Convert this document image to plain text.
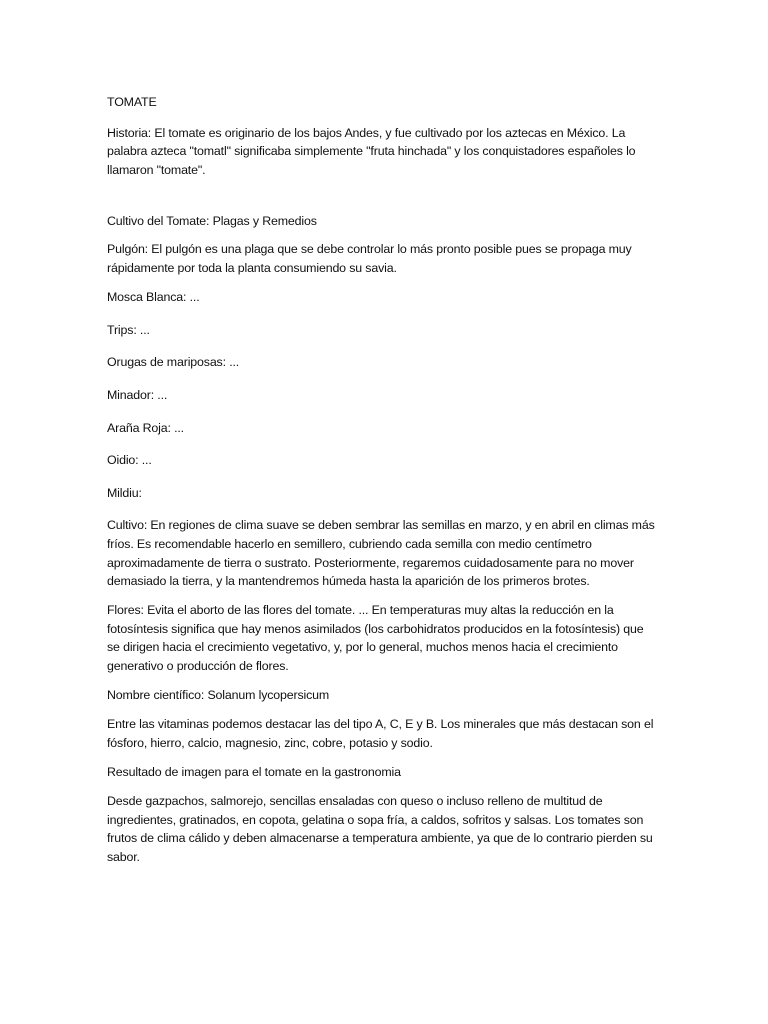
TOMATE

Historia: El tomate es originario de los bajos Andes, y fue cultivado por los aztecas en México. La palabra azteca "tomatl" significaba simplemente "fruta hinchada" y los conquistadores españoles lo llamaron "tomate".

Cultivo del Tomate: Plagas y Remedios

Pulgón: El pulgón es una plaga que se debe controlar lo más pronto posible pues se propaga muy rápidamente por toda la planta consumiendo su savia.

Mosca Blanca: ...

Trips: ...

Orugas de mariposas: ...

Minador: ...

Araña Roja: ...

Oidio: ...

Mildiu:

Cultivo: En regiones de clima suave se deben sembrar las semillas en marzo, y en abril en climas más fríos. Es recomendable hacerlo en semillero, cubriendo cada semilla con medio centímetro aproximadamente de tierra o sustrato. Posteriormente, regaremos cuidadosamente para no mover demasiado la tierra, y la mantendremos húmeda hasta la aparición de los primeros brotes.

Flores: Evita el aborto de las flores del tomate. ... En temperaturas muy altas la reducción en la fotosíntesis significa que hay menos asimilados (los carbohidratos producidos en la fotosíntesis) que se dirigen hacia el crecimiento vegetativo, y, por lo general, muchos menos hacia el crecimiento generativo o producción de flores.

Nombre científico: Solanum lycopersicum

Entre las vitaminas podemos destacar las del tipo A, C, E y B. Los minerales que más destacan son el fósforo, hierro, calcio, magnesio, zinc, cobre, potasio y sodio.

Resultado de imagen para el tomate en la gastronomia

Desde gazpachos, salmorejo, sencillas ensaladas con queso o incluso relleno de multitud de ingredientes, gratinados, en copota, gelatina o sopa fría, a caldos, sofritos y salsas. Los tomates son frutos de clima cálido y deben almacenarse a temperatura ambiente, ya que de lo contrario pierden su sabor.
